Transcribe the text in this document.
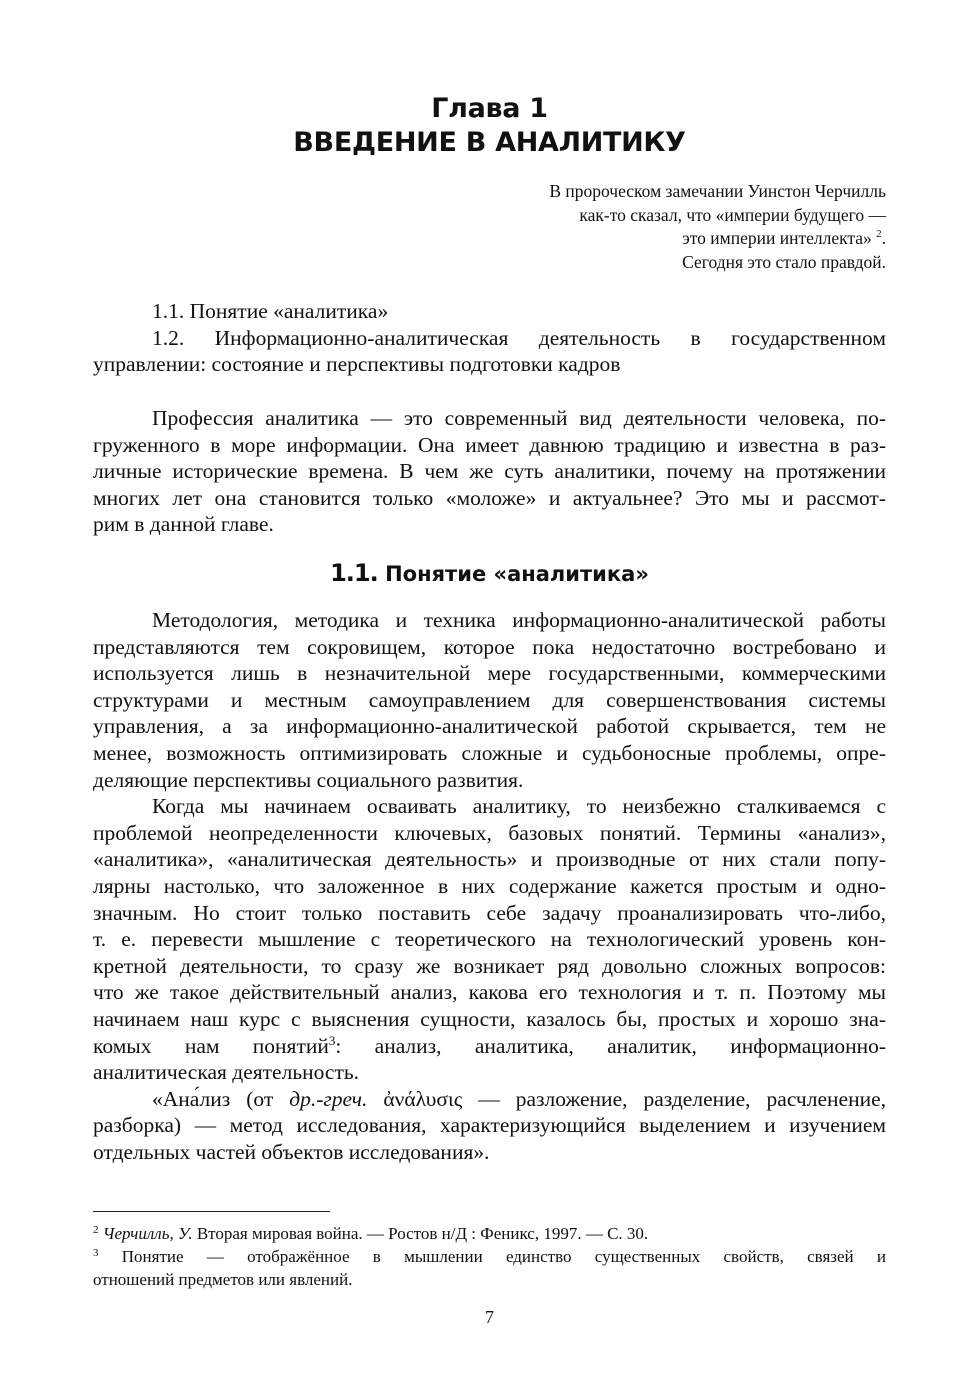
Глава 1
ВВЕДЕНИЕ В АНАЛИТИКУ
В пророческом замечании Уинстон Черчилль
как-то сказал, что «империи будущего —
это империи интеллекта» $^2$.
Сегодня это стало правдой.
1.1. Понятие «аналитика»
1.2. Информационно-аналитическая деятельность в государственном
управлении: состояние и перспективы подготовки кадров
Профессия аналитика — это современный вид деятельности человека, по-
груженного в море информации. Она имеет давнюю традицию и известна в раз-
личные исторические времена. В чем же суть аналитики, почему на протяжении
многих лет она становится только «моложе» и актуальнее? Это мы и рассмот-
рим в данной главе.
1.1. Понятие «аналитика»
Методология, методика и техника информационно-аналитической работы
представляются тем сокровищем, которое пока недостаточно востребовано и
используется лишь в незначительной мере государственными, коммерческими
структурами и местным самоуправлением для совершенствования системы
управления, а за информационно-аналитической работой скрывается, тем не
менее, возможность оптимизировать сложные и судьбоносные проблемы, опре-
деляющие перспективы социального развития.
Когда мы начинаем осваивать аналитику, то неизбежно сталкиваемся с
проблемой неопределенности ключевых, базовых понятий. Термины «анализ»,
«аналитика», «аналитическая деятельность» и производные от них стали попу-
лярны настолько, что заложенное в них содержание кажется простым и одно-
значным. Но стоит только поставить себе задачу проанализировать что-либо,
т. е. перевести мышление с теоретического на технологический уровень кон-
кретной деятельности, то сразу же возникает ряд довольно сложных вопросов:
что же такое действительный анализ, какова его технология и т. п. Поэтому мы
начинаем наш курс с выяснения сущности, казалось бы, простых и хорошо зна-
комых нам понятий$^3$: анализ, аналитика, аналитик, информационно-
аналитическая деятельность.
«Ана́лиз (от др.-греч. ἀνάλυσις — разложение, разделение, расчленение,
разборка) — метод исследования, характеризующийся выделением и изучением
отдельных частей объектов исследования».
$^2$ Черчилль, У. Вторая мировая война. — Ростов н/Д : Феникс, 1997. — С. 30.
$^3$ Понятие — отображённое в мышлении единство существенных свойств, связей и
отношений предметов или явлений.
7
